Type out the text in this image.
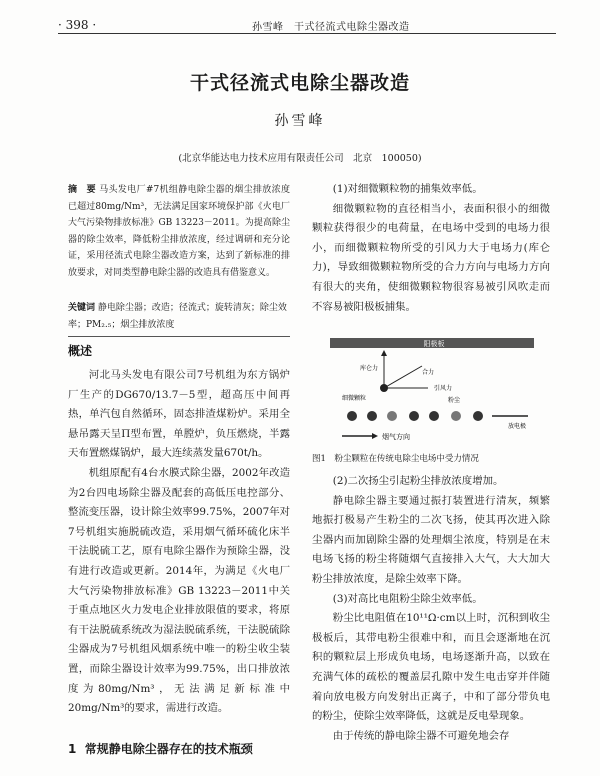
· 398 ·	孙雪峰　干式径流式电除尘器改造
干式径流式电除尘器改造
孙雪峰
(北京华能达电力技术应用有限责任公司　北京　100050)
摘　要 马头发电厂#7机组静电除尘器的烟尘排放浓度已超过80mg/Nm³，无法满足国家环境保护部《火电厂大气污染物排放标准》GB 13223－2011。为提高除尘器的除尘效率，降低粉尘排放浓度，经过调研和充分论证，采用径流式电除尘器改造方案，达到了新标准的排放要求，对同类型静电除尘器的改造具有借鉴意义。
关键词 静电除尘器；改造；径流式；旋转清灰；除尘效率；PM₂.₅；烟尘排放浓度
概述

河北马头发电有限公司7号机组为东方锅炉厂生产的DG670/13.7－5型，超高压中间再热，单汽包自然循环，固态排渣煤粉炉。采用全悬吊露天呈Π型布置，单膛炉，负压燃烧，半露天布置燃煤锅炉，最大连续蒸发量670t/h。

机组原配有4台水膜式除尘器，2002年改造为2台四电场除尘器及配套的高低压电控部分、整流变压器，设计除尘效率99.75%，2007年对7号机组实施脱硫改造，采用烟气循环硫化床半干法脱硫工艺，原有电除尘器作为预除尘器，没有进行改造或更新。2014年，为满足《火电厂大气污染物排放标准》GB 13223－2011中关于重点地区火力发电企业排放限值的要求，将原有干法脱硫系统改为湿法脱硫系统，干法脱硫除尘器成为7号机组风烟系统中唯一的粉尘收尘装置，而除尘器设计效率为99.75%，出口排放浓度为80mg/Nm³，无法满足新标准中20mg/Nm³的要求，需进行改造。

1 常规静电除尘器存在的技术瓶颈

(1)对细微颗粒物的捕集效率低。

细微颗粒物的直径相当小，表面积很小的细微颗粒获得很少的电荷量，在电场中受到的电场力很小，而细微颗粒物所受的引风力大于电场力(库仑力)，导致细微颗粒物所受的合力方向与电场力方向有很大的夹角，使细微颗粒物很容易被引风吹走而不容易被阳极板捕集。

阳极板
库仑力
合力
引风力
细微颗粒	粉尘
放电极
烟气方向
图1　粉尘颗粒在传统电除尘电场中受力情况

(2)二次扬尘引起粉尘排放浓度增加。

静电除尘器主要通过振打装置进行清灰，频繁地振打极易产生粉尘的二次飞扬，使其再次进入除尘器内而加剧除尘器的处理烟尘浓度，特别是在末电场飞扬的粉尘将随烟气直接排入大气，大大加大粉尘排放浓度，是除尘效率下降。

(3)对高比电阻粉尘除尘效率低。

粉尘比电阻值在10¹¹Ω·cm以上时，沉积到收尘极板后，其带电粉尘很难中和，而且会逐渐地在沉积的颗粒层上形成负电场，电场逐渐升高，以致在充满气体的疏松的覆盖层孔隙中发生电击穿并伴随着向放电极方向发射出正离子，中和了部分带负电的粉尘，使除尘效率降低，这就是反电晕现象。

由于传统的静电除尘器不可避免地会存
